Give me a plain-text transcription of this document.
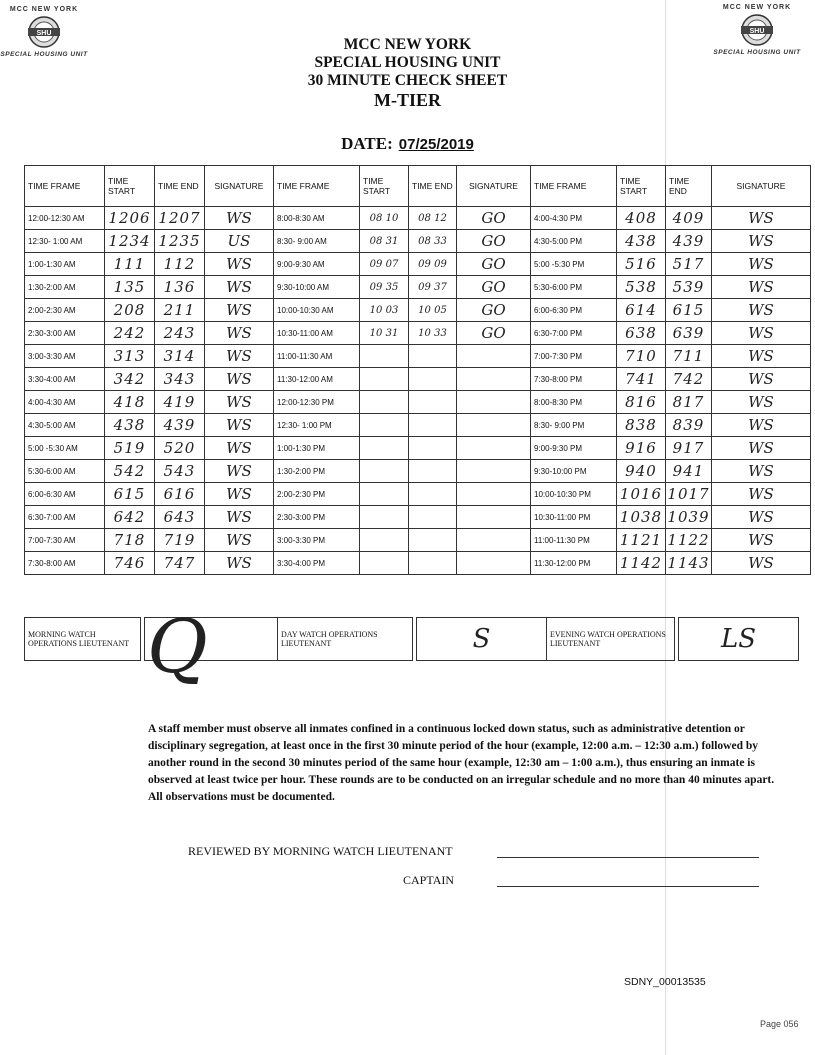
MCC NEW YORK
SHU
SPECIAL HOUSING UNIT
MCC NEW YORK
SHU
SPECIAL HOUSING UNIT
MCC NEW YORK
SPECIAL HOUSING UNIT
30 MINUTE CHECK SHEET
M-TIER
DATE: 07/25/2019
TIME FRAME	TIME START	TIME END	SIGNATURE	TIME FRAME	TIME START	TIME END	SIGNATURE	TIME FRAME	TIME START	TIME END	SIGNATURE
12:00-12:30 AM	1206	1207	WS	8:00-8:30 AM	08 10	08 12	GO	4:00-4:30 PM	408	409	WS
12:30- 1:00 AM	1234	1235	US	8:30- 9:00 AM	08 31	08 33	GO	4:30-5:00 PM	438	439	WS
1:00-1:30 AM	111	112	WS	9:00-9:30 AM	09 07	09 09	GO	5:00 -5:30 PM	516	517	WS
1:30-2:00 AM	135	136	WS	9:30-10:00 AM	09 35	09 37	GO	5:30-6:00 PM	538	539	WS
2:00-2:30 AM	208	211	WS	10:00-10:30 AM	10 03	10 05	GO	6:00-6:30 PM	614	615	WS
2:30-3:00 AM	242	243	WS	10:30-11:00 AM	10 31	10 33	GO	6:30-7:00 PM	638	639	WS
3:00-3:30 AM	313	314	WS	11:00-11:30 AM				7:00-7:30 PM	710	711	WS
3:30-4:00 AM	342	343	WS	11:30-12:00 AM				7:30-8:00 PM	741	742	WS
4:00-4:30 AM	418	419	WS	12:00-12:30 PM				8:00-8:30 PM	816	817	WS
4:30-5:00 AM	438	439	WS	12:30- 1:00 PM				8:30- 9:00 PM	838	839	WS
5:00 -5:30 AM	519	520	WS	1:00-1:30 PM				9:00-9:30 PM	916	917	WS
5:30-6:00 AM	542	543	WS	1:30-2:00 PM				9:30-10:00 PM	940	941	WS
6:00-6:30 AM	615	616	WS	2:00-2:30 PM				10:00-10:30 PM	1016	1017	WS
6:30-7:00 AM	642	643	WS	2:30-3:00 PM				10:30-11:00 PM	1038	1039	WS
7:00-7:30 AM	718	719	WS	3:00-3:30 PM				11:00-11:30 PM	1121	1122	WS
7:30-8:00 AM	746	747	WS	3:30-4:00 PM				11:30-12:00 PM	1142	1143	WS
MORNING WATCH OPERATIONS LIEUTENANT			DAY WATCH OPERATIONS LIEUTENANT		S	EVENING WATCH OPERATIONS LIEUTENANT		LS
Q
A staff member must observe all inmates confined in a continuous locked down status, such as administrative detention or disciplinary segregation, at least once in the first 30 minute period of the hour (example, 12:00 a.m. – 12:30 a.m.) followed by another round in the second 30 minutes period of the same hour (example, 12:30 am – 1:00 a.m.), thus ensuring an inmate is observed at least twice per hour. These rounds are to be conducted on an irregular schedule and no more than 40 minutes apart. All observations must be documented.
REVIEWED BY MORNING WATCH LIEUTENANT
CAPTAIN
SDNY_00013535
Page 056
